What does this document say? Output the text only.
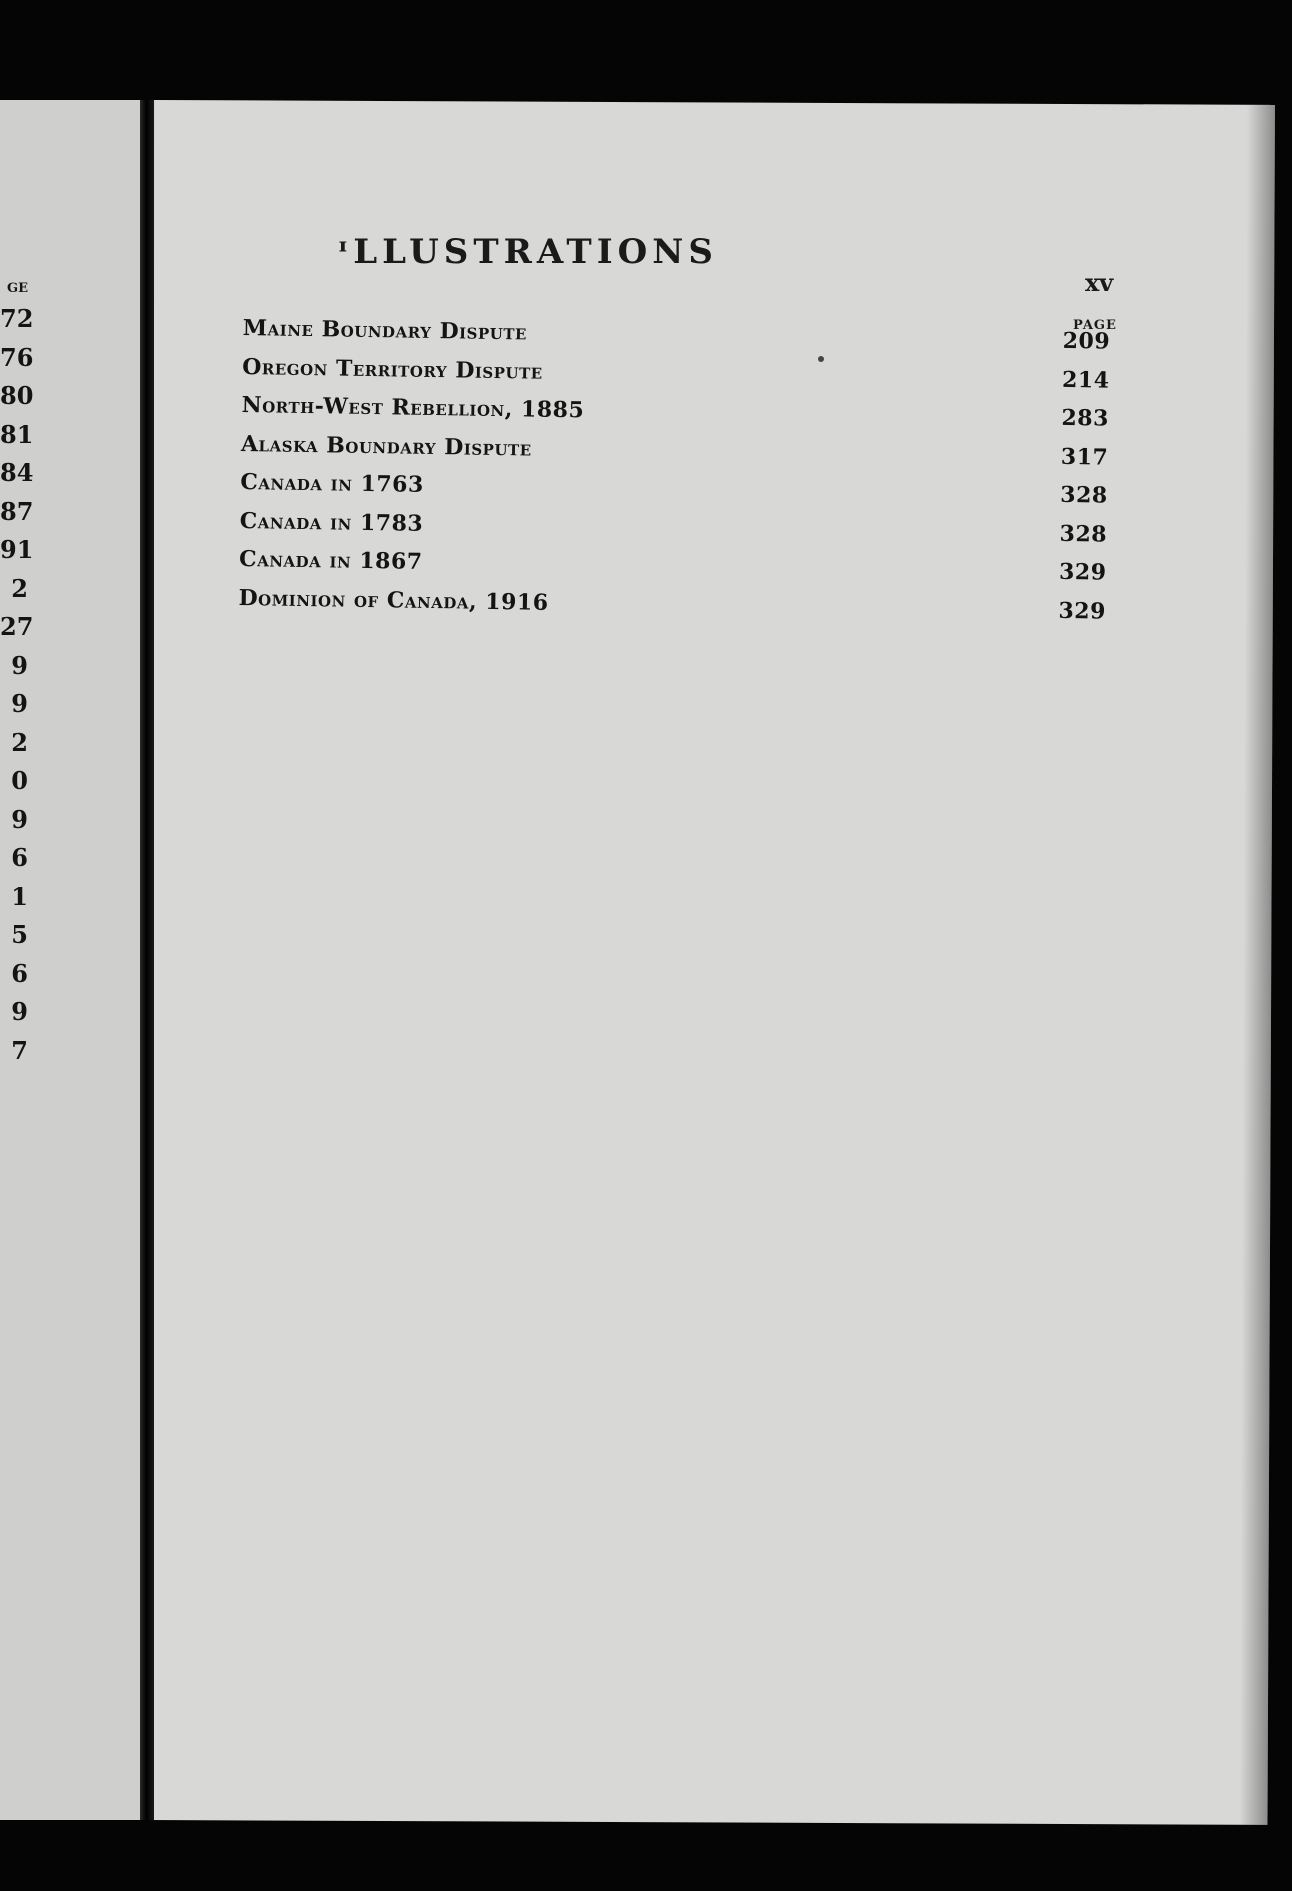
GE
72
76
80
81
84
87
91
2
27
9
9
2
0
9
6
1
5
6
9
7
ᶦLLUSTRATIONS
xv
PAGE
Maine Boundary Dispute	209
Oregon Territory Dispute	214
North-West Rebellion, 1885	283
Alaska Boundary Dispute	317
Canada in 1763	328
Canada in 1783	328
Canada in 1867	329
Dominion of Canada, 1916	329
